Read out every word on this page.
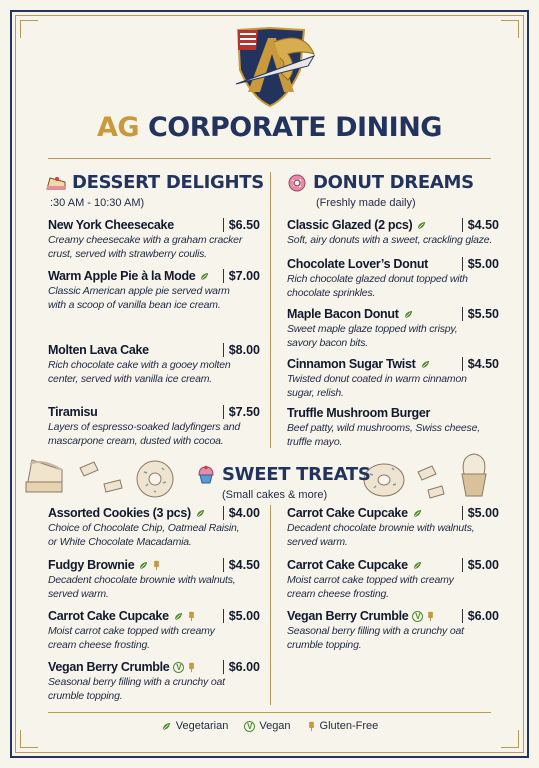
AG CORPORATE DINING
DESSERT DELIGHTS
:30 AM - 10:30 AM)
DONUT DREAMS
(Freshly made daily)
SWEET TREATS
(Small cakes & more)
New York Cheesecake	$6.50
Creamy cheesecake with a graham cracker
crust, served with strawberry coulis.
Warm Apple Pie à la Mode	$7.00
Classic American apple pie served warm
with a scoop of vanilla bean ice cream.
Molten Lava Cake	$8.00
Rich chocolate cake with a gooey molten
center, served with vanilla ice cream.
Tiramisu	$7.50
Layers of espresso-soaked ladyfingers and
mascarpone cream, dusted with cocoa.
Classic Glazed (2 pcs)	$4.50
Soft, airy donuts with a sweet, crackling glaze.
Chocolate Lover’s Donut	$5.00
Rich chocolate glazed donut topped with
chocolate sprinkles.
Maple Bacon Donut	$5.50
Sweet maple glaze topped with crispy,
savory bacon bits.
Cinnamon Sugar Twist	$4.50
Twisted donut coated in warm cinnamon
sugar, relish.
Truffle Mushroom Burger
Beef patty, wild mushrooms, Swiss cheese,
truffle mayo.
Assorted Cookies (3 pcs)	$4.00
Choice of Chocolate Chip, Oatmeal Raisin,
or White Chocolate Macadamia.
Fudgy Brownie	$4.50
Decadent chocolate brownie with walnuts,
served warm.
Carrot Cake Cupcake	$5.00
Moist carrot cake topped with creamy
cream cheese frosting.
Vegan Berry Crumble V	$6.00
Seasonal berry filling with a crunchy oat
crumble topping.
Carrot Cake Cupcake	$5.00
Decadent chocolate brownie with walnuts,
served warm.
Carrot Cake Cupcake	$5.00
Moist carrot cake topped with creamy
cream cheese frosting.
Vegan Berry Crumble V	$6.00
Seasonal berry filling with a crunchy oat
crumble topping.
Vegetarian	V Vegan	Gluten-Free
